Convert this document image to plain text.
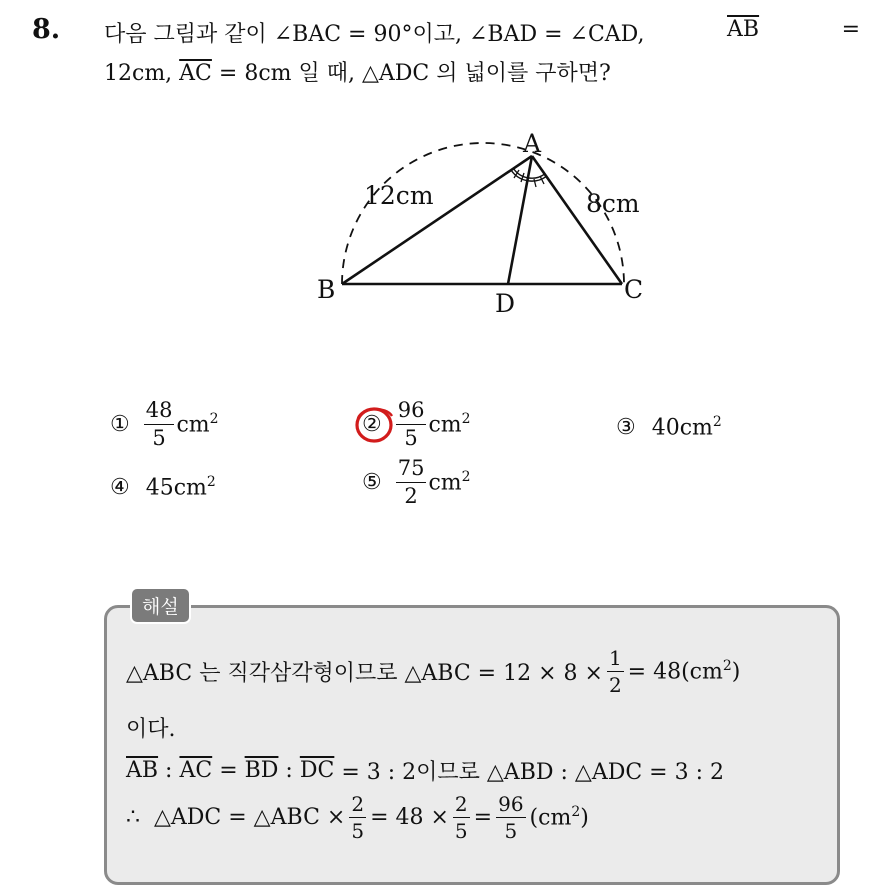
8. 다음 그림과 같이 ∠BAC = 90°이고, ∠BAD = ∠CAD,	$\overline{AB}$	=
12cm, $\overline{AC} = 8cm$ 일 때, △ADC 의 넓이를 구하면?
A
B	C
D
12cm	8cm
① $\frac{48}{5} cm^2$	② $\frac{96}{5} cm^2$	③ $40cm^2$
④ $45cm^2$	⑤ $\frac{75}{2} cm^2$
해설
△ABC 는 직각삼각형이므로 △ABC = $12 \times 8 \times \frac{1}{2} = 48(cm^2)$
이다.
$\overline{AB}$ : $\overline{AC} = \overline{BD}$ : $\overline{DC} = 3$ : 2이므로 △ABD : △ADC = 3 : 2
∴  △ADC = △ABC × $\frac{2}{5} = 48 \times \frac{2}{5} = \frac{96}{5} (cm^2)$
